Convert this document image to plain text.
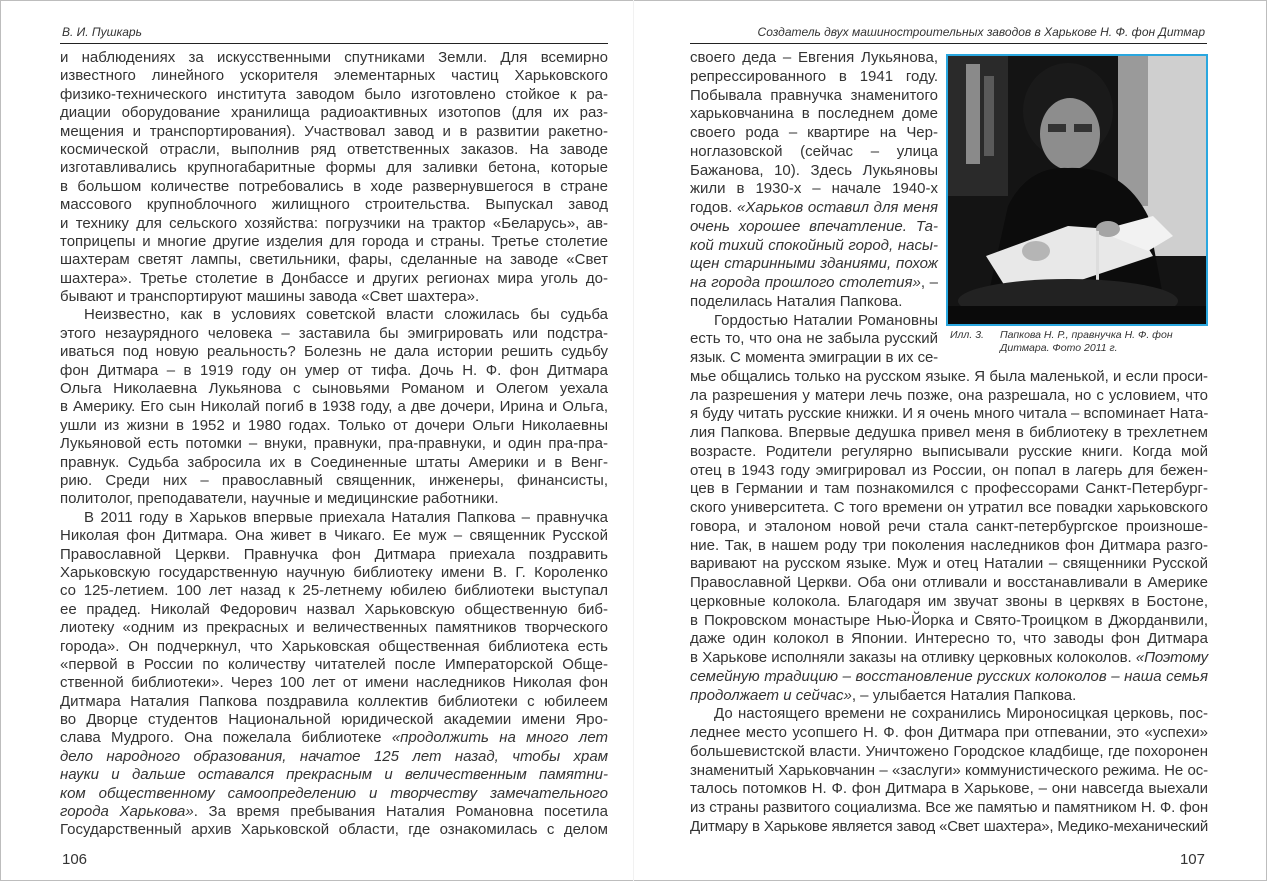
В. И. Пушкарь
и наблюдениях за искусственными спутниками Земли. Для всемирно
известного линейного ускорителя элементарных частиц Харьковского
физико-технического института заводом было изготовлено стойкое к ра-
диации оборудование хранилища радиоактивных изотопов (для их раз-
мещения и транспортирования). Участвовал завод и в развитии ракетно-
космической отрасли, выполнив ряд ответственных заказов. На заводе
изготавливались крупногабаритные формы для заливки бетона, которые
в большом количестве потребовались в ходе развернувшегося в стране
массового крупноблочного жилищного строительства. Выпускал завод
и технику для сельского хозяйства: погрузчики на трактор «Беларусь», ав-
топрицепы и многие другие изделия для города и страны. Третье столетие
шахтерам светят лампы, светильники, фары, сделанные на заводе «Свет
шахтера». Третье столетие в Донбассе и других регионах мира уголь до-
бывают и транспортируют машины завода «Свет шахтера».
Неизвестно, как в условиях советской власти сложилась бы судьба
этого незаурядного человека – заставила бы эмигрировать или подстра-
иваться под новую реальность? Болезнь не дала истории решить судьбу
фон Дитмара – в 1919 году он умер от тифа. Дочь Н. Ф. фон Дитмара
Ольга Николаевна Лукьянова с сыновьями Романом и Олегом уехала
в Америку. Его сын Николай погиб в 1938 году, а две дочери, Ирина и Ольга,
ушли из жизни в 1952 и 1980 годах. Только от дочери Ольги Николаевны
Лукьяновой есть потомки – внуки, правнуки, пра-правнуки, и один пра-пра-
правнук. Судьба забросила их в Соединенные штаты Америки и в Венг-
рию. Среди них – православный священник, инженеры, финансисты,
политолог, преподаватели, научные и медицинские работники.
В 2011 году в Харьков впервые приехала Наталия Папкова – правнучка
Николая фон Дитмара. Она живет в Чикаго. Ее муж – священник Русской
Православной Церкви. Правнучка фон Дитмара приехала поздравить
Харьковскую государственную научную библиотеку имени В. Г. Короленко
со 125-летием. 100 лет назад к 25-летнему юбилею библиотеки выступал
ее прадед. Николай Федорович назвал Харьковскую общественную биб-
лиотеку «одним из прекрасных и величественных памятников творческого
города». Он подчеркнул, что Харьковская общественная библиотека есть
«первой в России по количеству читателей после Императорской Обще-
ственной библиотеки». Через 100 лет от имени наследников Николая фон
Дитмара Наталия Папкова поздравила коллектив библиотеки с юбилеем
во Дворце студентов Национальной юридической академии имени Яро-
слава Мудрого. Она пожелала библиотеке «продолжить на много лет
дело народного образования, начатое 125 лет назад, чтобы храм
науки и дальше оставался прекрасным и величественным памятни-
ком общественному самоопределению и творчеству замечательного
города Харькова». За время пребывания Наталия Романовна посетила
Государственный архив Харьковской области, где ознакомилась с делом
106
Создатель двух машиностроительных заводов в Харькове Н. Ф. фон Дитмар
своего деда – Евгения Лукьянова,
репрессированного в 1941 году.
Побывала правнучка знаменитого
харьковчанина в последнем доме
своего рода – квартире на Чер-
ноглазовской (сейчас – улица
Бажанова, 10). Здесь Лукьяновы
жили в 1930-х – начале 1940-х
годов. «Харьков оставил для меня
очень хорошее впечатление. Та-
кой тихий спокойный город, насы-
щен старинными зданиями, похож
на города прошлого столетия», –
поделилась Наталия Папкова.
Гордостью Наталии Романовны
есть то, что она не забыла русский
язык. С момента эмиграции в их се-
мье общались только на русском языке. Я была маленькой, и если проси-
ла разрешения у матери лечь позже, она разрешала, но с условием, что
я буду читать русские книжки. И я очень много читала – вспоминает Ната-
лия Папкова. Впервые дедушка привел меня в библиотеку в трехлетнем
возрасте. Родители регулярно выписывали русские книги. Когда мой
отец в 1943 году эмигрировал из России, он попал в лагерь для бежен-
цев в Германии и там познакомился с профессорами Санкт-Петербург-
ского университета. С того времени он утратил все повадки харьковского
говора, и эталоном новой речи стала санкт-петербургское произноше-
ние. Так, в нашем роду три поколения наследников фон Дитмара разго-
варивают на русском языке. Муж и отец Наталии – священники Русской
Православной Церкви. Оба они отливали и восстанавливали в Америке
церковные колокола. Благодаря им звучат звоны в церквях в Бостоне,
в Покровском монастыре Нью-Йорка и Свято-Троицком в Джорданвили,
даже один колокол в Японии. Интересно то, что заводы фон Дитмара
в Харькове исполняли заказы на отливку церковных колоколов. «Поэтому
семейную традицию – восстановление русских колоколов – наша семья
продолжает и сейчас», – улыбается Наталия Папкова.
До настоящего времени не сохранились Мироносицкая церковь, пос-
леднее место усопшего Н. Ф. фон Дитмара при отпевании, это «успехи»
большевистской власти. Уничтожено Городское кладбище, где похоронен
знаменитый Харьковчанин – «заслуги» коммунистического режима. Не ос-
талось потомков Н. Ф. фон Дитмара в Харькове, – они навсегда выехали
из страны развитого социализма. Все же памятью и памятником Н. Ф. фон
Дитмару в Харькове является завод «Свет шахтера», Медико-механический
107
Илл. 3. Папкова Н. Р., правнучка Н. Ф. фон
Дитмара. Фото 2011 г.
